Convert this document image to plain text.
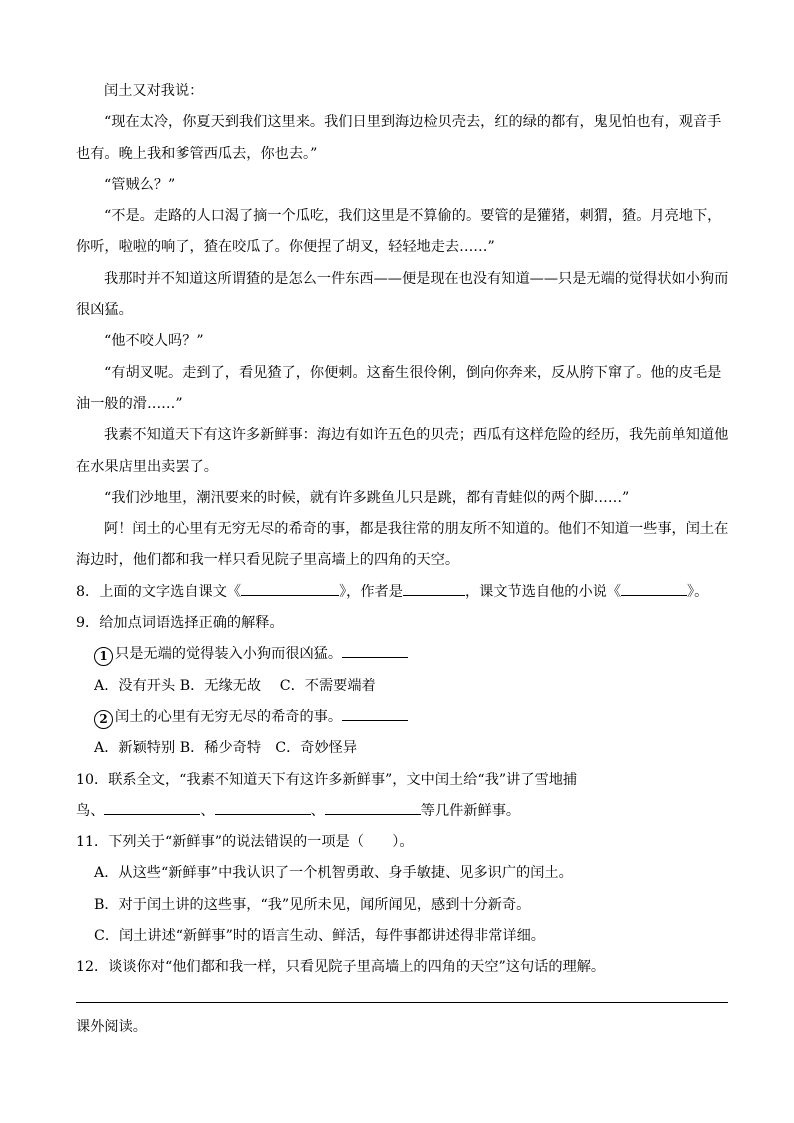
闰土又对我说：

“现在太冷，你夏天到我们这里来。我们日里到海边检贝壳去，红的绿的都有，鬼见怕也有，观音手也有。晚上我和爹管西瓜去，你也去。”

“管贼么？”

“不是。走路的人口渴了摘一个瓜吃，我们这里是不算偷的。要管的是獾猪，刺猬，猹。月亮地下，你听，啦啦的响了，猹在咬瓜了。你便捏了胡叉，轻轻地走去……”

我那时并不知道这所谓猹的是怎么一件东西——便是现在也没有知道——只是无端的觉得状如小狗而很凶猛。

“他不咬人吗？”

“有胡叉呢。走到了，看见猹了，你便刺。这畜生很伶俐，倒向你奔来，反从胯下窜了。他的皮毛是油一般的滑……”

我素不知道天下有这许多新鲜事：海边有如许五色的贝壳；西瓜有这样危险的经历，我先前单知道他在水果店里出卖罢了。

“我们沙地里，潮汛要来的时候，就有许多跳鱼儿只是跳，都有青蛙似的两个脚……”

阿！闰土的心里有无穷无尽的希奇的事，都是我往常的朋友所不知道的。他们不知道一些事，闰土在海边时，他们都和我一样只看见院子里高墙上的四角的天空。

8．上面的文字选自课文《	》，作者是	，课文节选自他的小说《	》。

9．给加点词语选择正确的解释。

1 只是无端的觉得装入小狗而很凶猛。

A．没有开头 B．无缘无故　 C．不需要端着

2 闰土的心里有无穷无尽的希奇的事。

A．新颖特别 B．稀少奇特　C．奇妙怪异

10．联系全文，“我素不知道天下有这许多新鲜事”，文中闰土给“我”讲了雪地捕

鸟、	、	、	等几件新鲜事。

11．下列关于“新鲜事”的说法错误的一项是（　　）。

A．从这些“新鲜事”中我认识了一个机智勇敢、身手敏捷、见多识广的闰土。

B．对于闰土讲的这些事，“我”见所未见，闻所闻见，感到十分新奇。

C．闰土讲述“新鲜事”时的语言生动、鲜活，每件事都讲述得非常详细。

12．谈谈你对“他们都和我一样，只看见院子里高墙上的四角的天空”这句话的理解。

课外阅读。
